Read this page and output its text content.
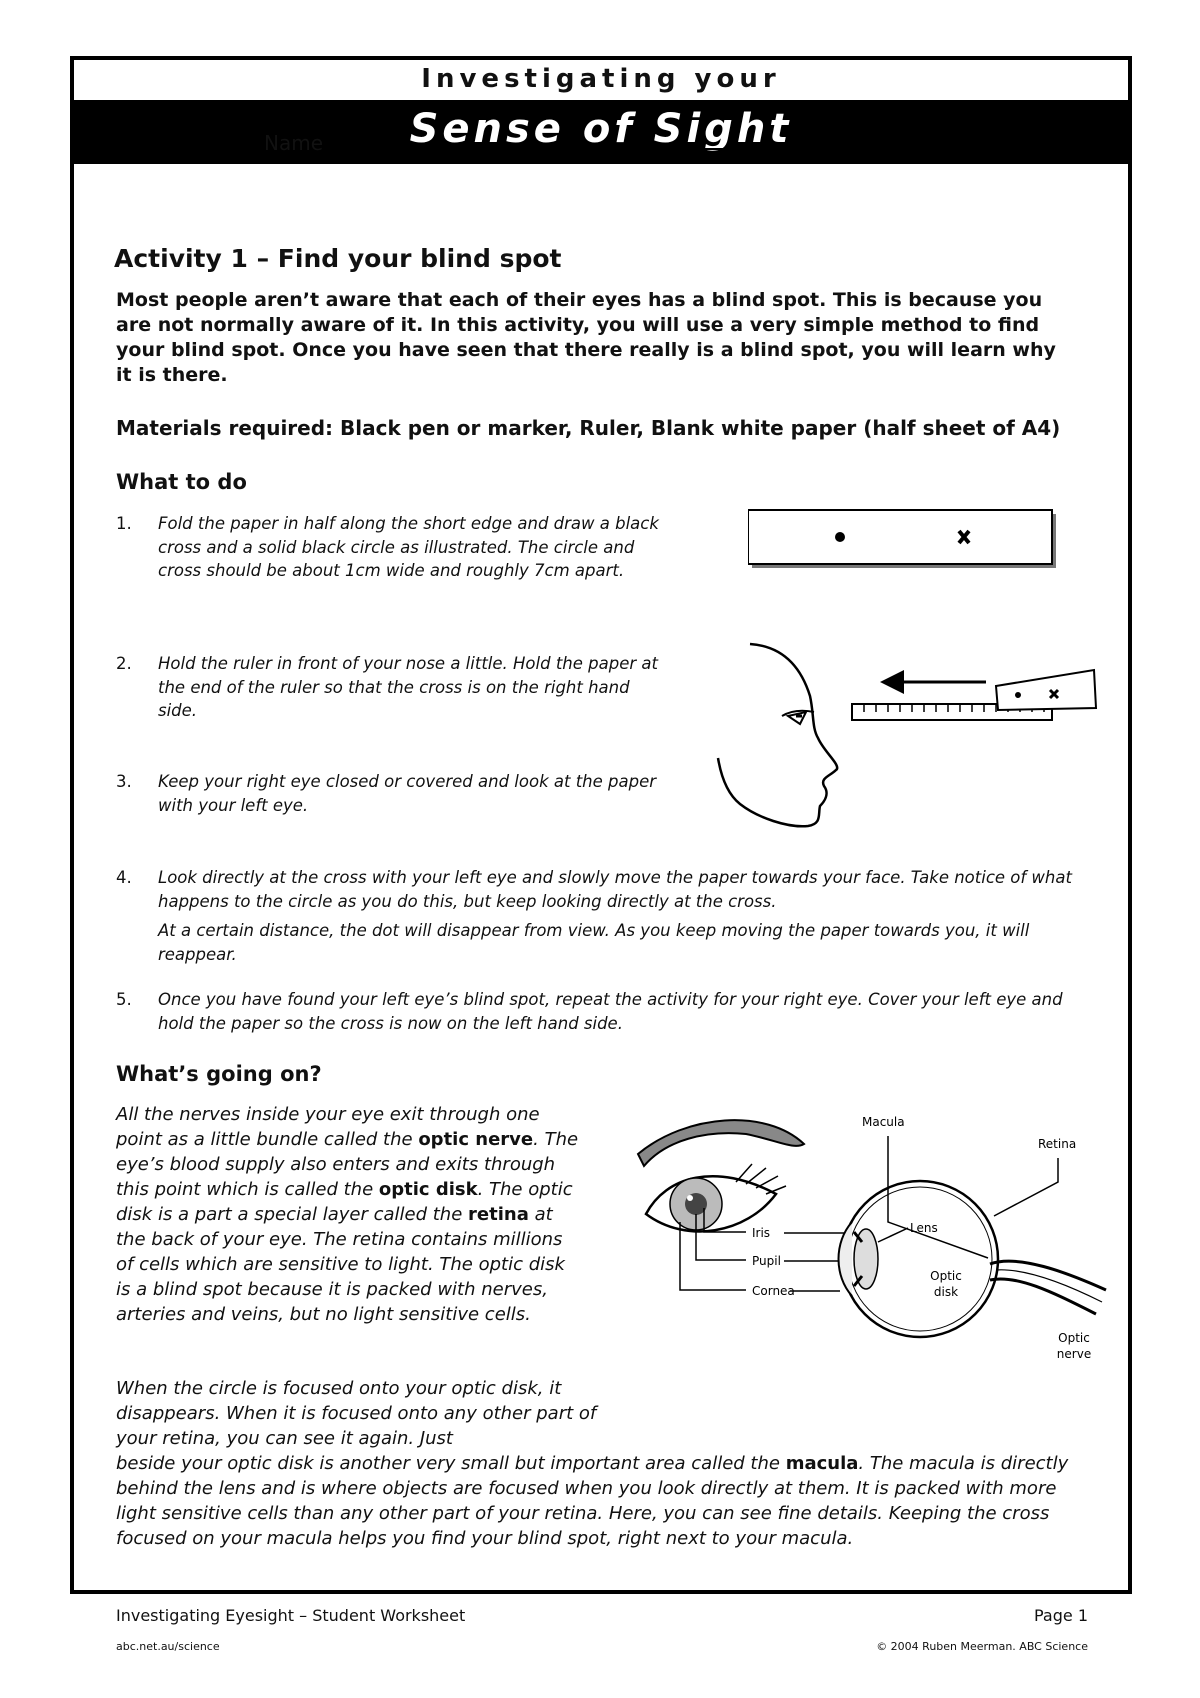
Investigating your
Sense of Sight
Name
Activity 1 – Find your blind spot
Most people aren’t aware that each of their eyes has a blind spot. This is because you are not normally aware of it. In this activity, you will use a very simple method to find your blind spot. Once you have seen that there really is a blind spot, you will learn why it is there.
Materials required: Black pen or marker, Ruler, Blank white paper (half sheet of A4)
What to do
1. Fold the paper in half along the short edge and draw a black cross and a solid black circle as illustrated. The circle and cross should be about 1cm wide and roughly 7cm apart.
2. Hold the ruler in front of your nose a little. Hold the paper at the end of the ruler so that the cross is on the right hand side.
3. Keep your right eye closed or covered and look at the paper with your left eye.
4. Look directly at the cross with your left eye and slowly move the paper towards your face. Take notice of what happens to the circle as you do this, but keep looking directly at the cross.

At a certain distance, the dot will disappear from view. As you keep moving the paper towards you, it will reappear.

5. Once you have found your left eye’s blind spot, repeat the activity for your right eye. Cover your left eye and hold the paper so the cross is now on the left hand side.
What’s going on?
All the nerves inside your eye exit through one point as a little bundle called the optic nerve. The eye’s blood supply also enters and exits through this point which is called the optic disk. The optic disk is a part a special layer called the retina at the back of your eye. The retina contains millions of cells which are sensitive to light. The optic disk is a blind spot because it is packed with nerves, arteries and veins, but no light sensitive cells.
When the circle is focused onto your optic disk, it disappears. When it is focused onto any other part of your retina, you can see it again. Just
beside your optic disk is another very small but important area called the macula. The macula is directly behind the lens and is where objects are focused when you look directly at them. It is packed with more light sensitive cells than any other part of your retina. Here, you can see fine details. Keeping the cross focused on your macula helps you find your blind spot, right next to your macula.
Iris
Pupil
Cornea
Macula
Retina
Lens
Optic
disk
Optic
nerve
Investigating Eyesight – Student Worksheet	Page 1
abc.net.au/science	© 2004 Ruben Meerman. ABC Science
